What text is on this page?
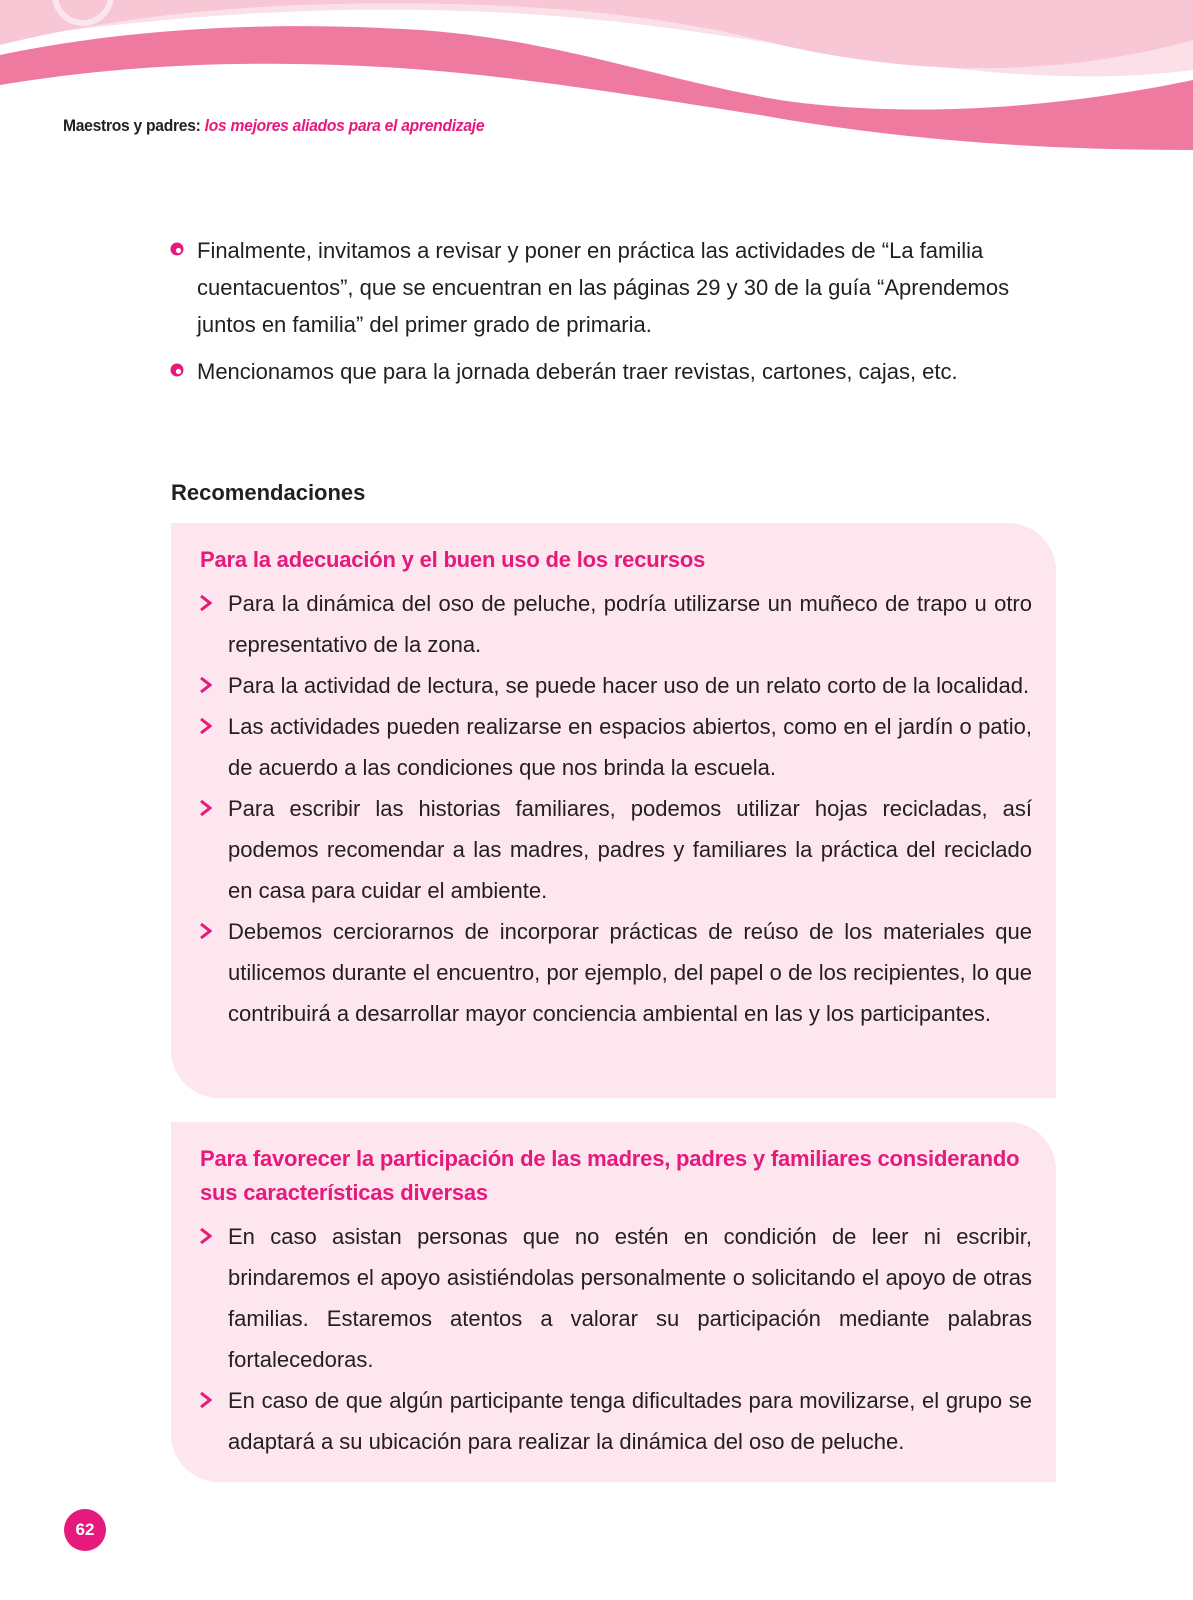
Maestros y padres: los mejores aliados para el aprendizaje
Finalmente, invitamos a revisar y poner en práctica las actividades de “La familia cuentacuentos”, que se encuentran en las páginas 29 y 30 de la guía “Aprendemos juntos en familia” del primer grado de primaria.
Mencionamos que para la jornada deberán traer revistas, cartones, cajas, etc.
Recomendaciones
Para la adecuación y el buen uso de los recursos
Para la dinámica del oso de peluche, podría utilizarse un muñeco de trapo u otro representativo de la zona.
Para la actividad de lectura, se puede hacer uso de un relato corto de la localidad.
Las actividades pueden realizarse en espacios abiertos, como en el jardín o patio, de acuerdo a las condiciones que nos brinda la escuela.
Para escribir las historias familiares, podemos utilizar hojas recicladas, así podemos recomendar a las madres, padres y familiares la práctica del reciclado en casa para cuidar el ambiente.
Debemos cerciorarnos de incorporar prácticas de reúso de los materiales que utilicemos durante el encuentro, por ejemplo, del papel o de los recipientes, lo que contribuirá a desarrollar mayor conciencia ambiental en las y los participantes.
Para favorecer la participación de las madres, padres y familiares considerando sus características diversas
En caso asistan personas que no estén en condición de leer ni escribir, brindaremos el apoyo asistiéndolas personalmente o solicitando el apoyo de otras familias. Estaremos atentos a valorar su participación mediante palabras fortalecedoras.
En caso de que algún participante tenga dificultades para movilizarse, el grupo se adaptará a su ubicación para realizar la dinámica del oso de peluche.
62
